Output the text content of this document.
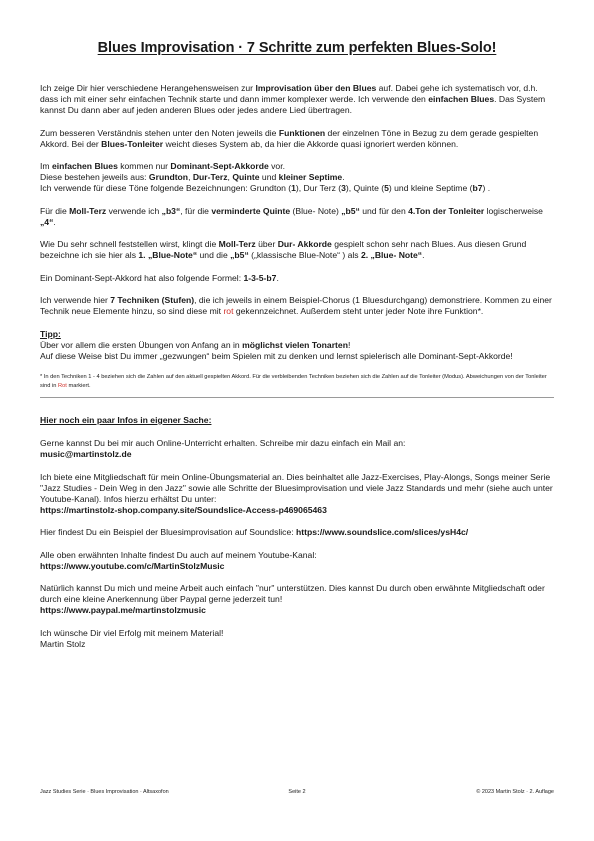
Blues Improvisation · 7 Schritte zum perfekten Blues-Solo!

Ich zeige Dir hier verschiedene Herangehensweisen zur Improvisation über den Blues auf. Dabei gehe ich systematisch vor, d.h. dass ich mit einer sehr einfachen Technik starte und dann immer komplexer werde. Ich verwende den einfachen Blues. Das System kannst Du dann aber auf jeden anderen Blues oder jedes andere Lied übertragen.

Zum besseren Verständnis stehen unter den Noten jeweils die Funktionen der einzelnen Töne in Bezug zu dem gerade gespielten Akkord. Bei der Blues-Tonleiter weicht dieses System ab, da hier die Akkorde quasi ignoriert werden können.

Im einfachen Blues kommen nur Dominant-Sept-Akkorde vor.
Diese bestehen jeweils aus: Grundton, Dur-Terz, Quinte und kleiner Septime.
Ich verwende für diese Töne folgende Bezeichnungen: Grundton (1), Dur Terz (3), Quinte (5) und kleine Septime (b7) .

Für die Moll-Terz verwende ich „b3“, für die verminderte Quinte (Blue- Note) „b5“ und für den 4.Ton der Tonleiter logischerweise „4“.

Wie Du sehr schnell feststellen wirst, klingt die Moll-Terz über Dur- Akkorde gespielt schon sehr nach Blues. Aus diesen Grund bezeichne ich sie hier als 1. „Blue-Note“ und die „b5“ („klassische Blue-Note“ ) als 2. „Blue- Note“.

Ein Dominant-Sept-Akkord hat also folgende Formel: 1-3-5-b7.

Ich verwende hier 7 Techniken (Stufen), die ich jeweils in einem Beispiel-Chorus (1 Bluesdurchgang) demonstriere. Kommen zu einer Technik neue Elemente hinzu, so sind diese mit rot gekennzeichnet. Außerdem steht unter jeder Note ihre Funktion*.

Tipp:

Über vor allem die ersten Übungen von Anfang an in möglichst vielen Tonarten!
Auf diese Weise bist Du immer „gezwungen“ beim Spielen mit zu denken und lernst spielerisch alle Dominant-Sept-Akkorde!

* In den Techniken 1 - 4 beziehen sich die Zahlen auf den aktuell gespielten Akkord. Für die verbleibenden Techniken beziehen sich die Zahlen auf die Tonleiter (Modus). Abweichungen von der Tonleiter sind in Rot markiert.

Hier noch ein paar Infos in eigener Sache:

Gerne kannst Du bei mir auch Online-Unterricht erhalten. Schreibe mir dazu einfach ein Mail an:
music@martinstolz.de

Ich biete eine Mitgliedschaft für mein Online-Übungsmaterial an. Dies beinhaltet alle Jazz-Exercises, Play-Alongs, Songs meiner Serie "Jazz Studies - Dein Weg in den Jazz" sowie alle Schritte der Bluesimprovisation und viele Jazz Standards und mehr (siehe auch unter Youtube-Kanal). Infos hierzu erhältst Du unter:
https://martinstolz-shop.company.site/Soundslice-Access-p469065463

Hier findest Du ein Beispiel der Bluesimprovisation auf Soundslice: https://www.soundslice.com/slices/ysH4c/

Alle oben erwähnten Inhalte findest Du auch auf meinem Youtube-Kanal:
https://www.youtube.com/c/MartinStolzMusic

Natürlich kannst Du mich und meine Arbeit auch einfach "nur" unterstützen. Dies kannst Du durch oben erwähnte Mitgliedschaft oder durch eine kleine Anerkennung über Paypal gerne jederzeit tun!
https://www.paypal.me/martinstolzmusic

Ich wünsche Dir viel Erfolg mit meinem Material!
Martin Stolz

Jazz Studies Serie · Blues Improvisation · Altsaxofon	Seite 2	© 2023 Martin Stolz · 2. Auflage
